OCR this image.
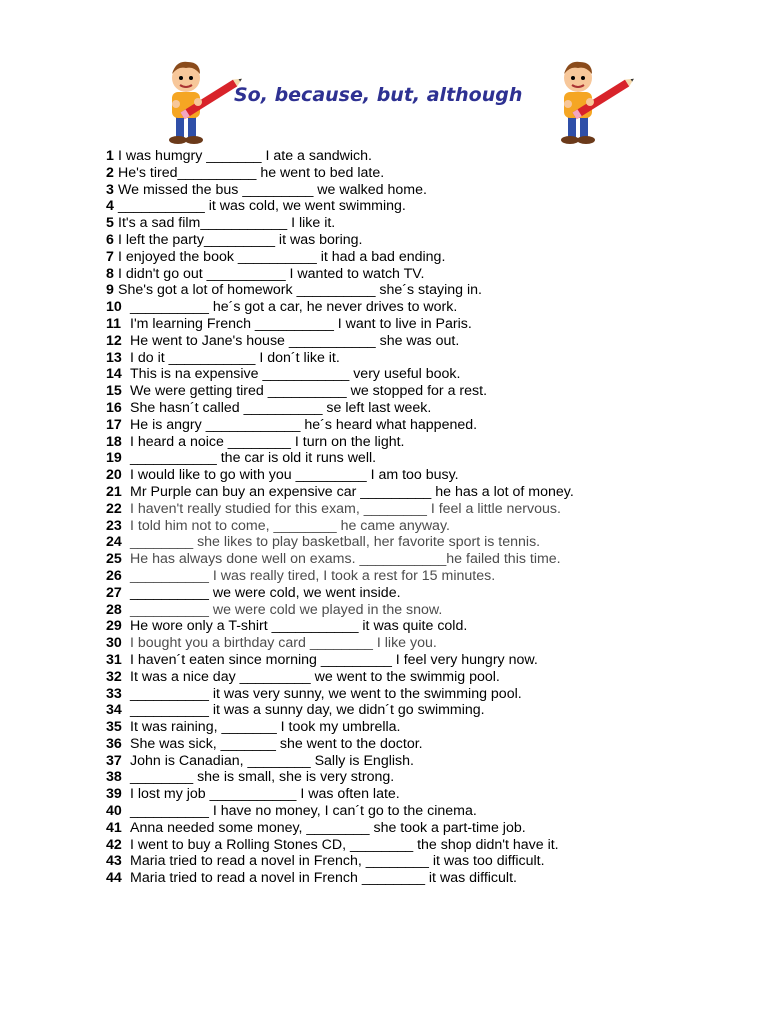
So, because, but, although
1 I was humgry _______ I ate a sandwich.
2 He's tired__________ he went to bed late.
3 We missed the bus _________ we walked home.
4 ___________ it was cold, we went swimming.
5 It's a sad film___________ I like it.
6 I left the party_________ it was boring.
7 I enjoyed the book __________ it had a bad ending.
8 I didn't go out __________ I wanted to watch TV.
9 She's got a lot of homework __________ she´s staying in.
10 __________ he´s got a car, he never drives to work.
11 I'm learning French __________ I want to live in Paris.
12 He went to Jane's house ___________ she was out.
13 I do it ___________ I don´t like it.
14 This is na expensive ___________ very useful book.
15 We were getting tired __________ we stopped for a rest.
16 She hasn´t called __________ se left last week.
17 He is angry ____________ he´s heard what happened.
18 I heard a noice ________ I turn on the light.
19 ___________ the car is old it runs well.
20 I would like to go with you _________ I am too busy.
21 Mr Purple can buy an expensive car _________ he has a lot of money.
22 I haven't really studied for this exam, ________ I feel a little nervous.
23 I told him not to come, ________ he came anyway.
24 ________ she likes to play basketball, her favorite sport is tennis.
25 He has always done well on exams. ___________he failed this time.
26 __________ I was really tired, I took a rest for 15 minutes.
27 __________ we were cold, we went inside.
28 __________ we were cold we played in the snow.
29 He wore only a T-shirt ___________ it was quite cold.
30 I bought you a birthday card ________ I like you.
31 I haven´t eaten since morning _________ I feel very hungry now.
32 It was a nice day _________ we went to the swimmig pool.
33 __________ it was very sunny, we went to the swimming pool.
34 __________ it was a sunny day, we didn´t go swimming.
35 It was raining, _______ I took my umbrella.
36 She was sick, _______ she went to the doctor.
37 John is Canadian, ________ Sally is English.
38 ________ she is small, she is very strong.
39 I lost my job ___________ I was often late.
40 __________ I have no money, I can´t go to the cinema.
41 Anna needed some money, ________ she took a part-time job.
42 I went to buy a Rolling Stones CD, ________ the shop didn't have it.
43 Maria tried to read a novel in French, ________ it was too difficult.
44 Maria tried to read a novel in French ________ it was difficult.
